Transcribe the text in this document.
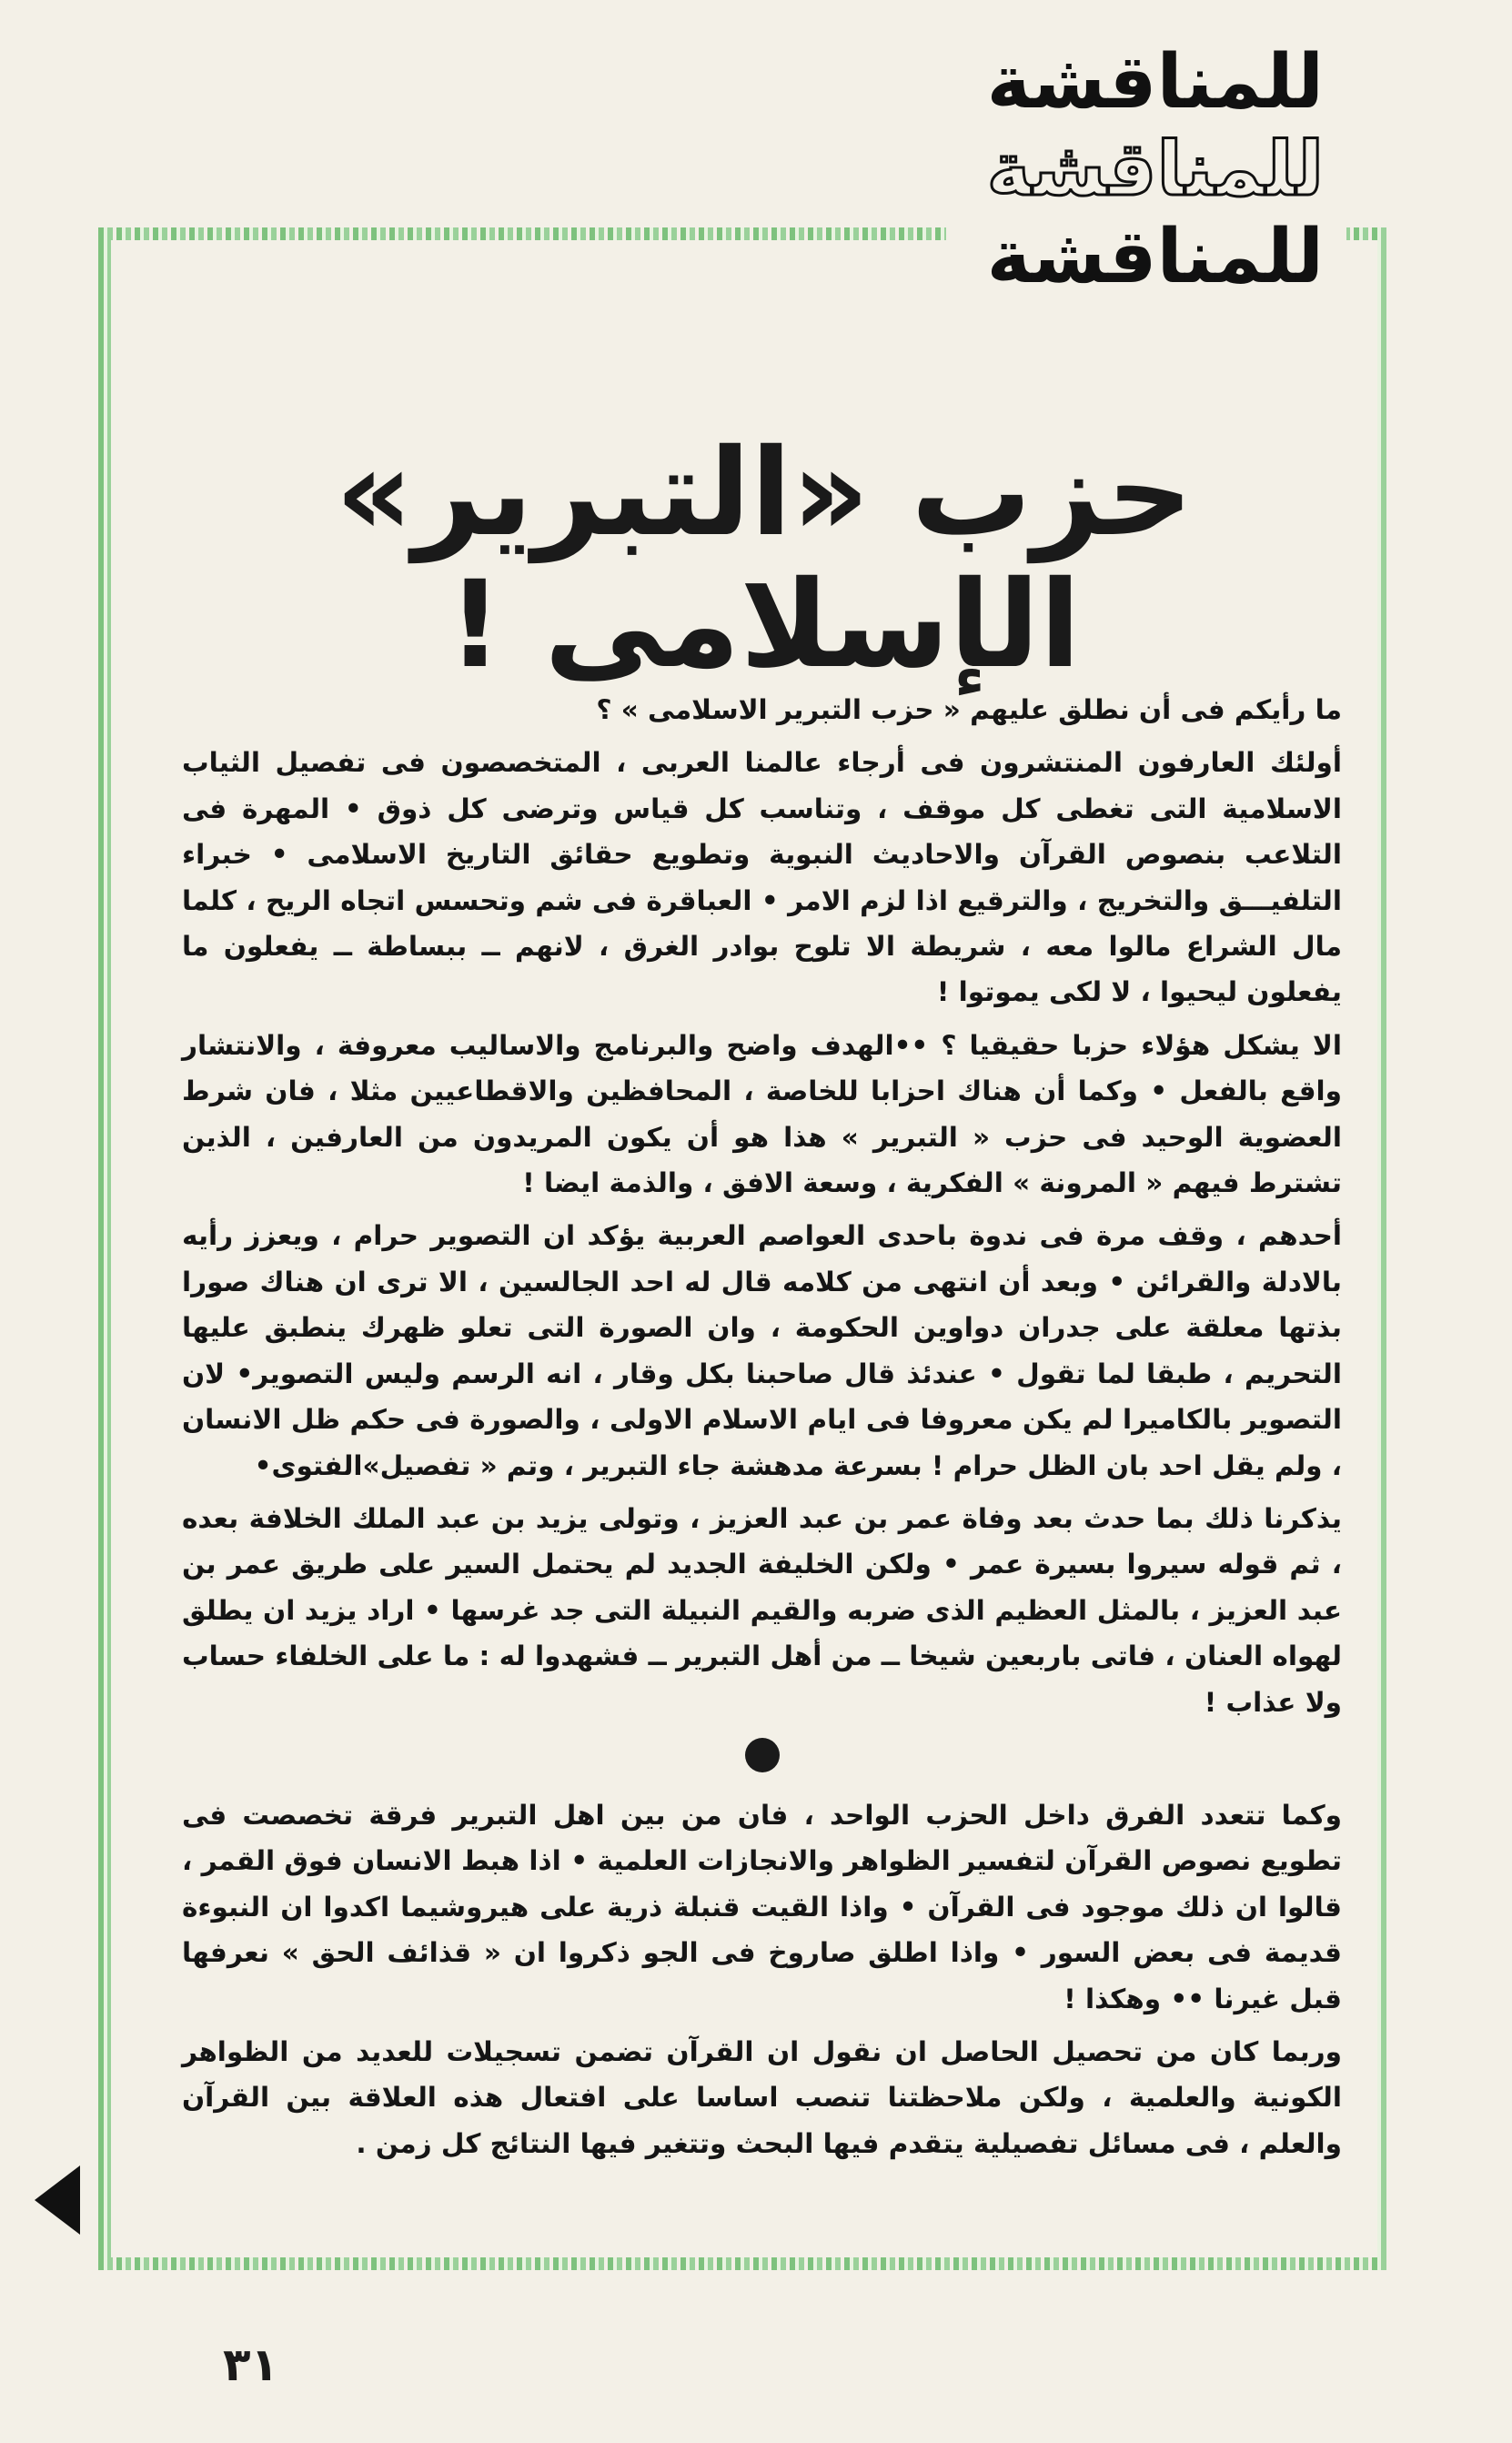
للمناقشة
للمناقشة
للمناقشة
حزب «التبرير» الإسلامى !

ما رأيكم فى أن نطلق عليهم « حزب التبرير الاسلامى » ؟

أولئك العارفون المنتشرون فى أرجاء عالمنا العربى ، المتخصصون فى تفصيل الثياب الاسلامية التى تغطى كل موقف ، وتناسب كل قياس وترضى كل ذوق • المهرة فى التلاعب بنصوص القرآن والاحاديث النبوية وتطويع حقائق التاريخ الاسلامى • خبراء التلفيـــق والتخريج ، والترقيع اذا لزم الامر • العباقرة فى شم وتحسس اتجاه الريح ، كلما مال الشراع مالوا معه ، شريطة الا تلوح بوادر الغرق ، لانهم ــ ببساطة ــ يفعلون ما يفعلون ليحيوا ، لا لكى يموتوا !

الا يشكل هؤلاء حزبا حقيقيا ؟ ••الهدف واضح والبرنامج والاساليب معروفة ، والانتشار واقع بالفعل • وكما أن هناك احزابا للخاصة ، المحافظين والاقطاعيين مثلا ، فان شرط العضوية الوحيد فى حزب « التبرير » هذا هو أن يكون المريدون من العارفين ، الذين تشترط فيهم « المرونة » الفكرية ، وسعة الافق ، والذمة ايضا !

أحدهم ، وقف مرة فى ندوة باحدى العواصم العربية يؤكد ان التصوير حرام ، ويعزز رأيه بالادلة والقرائن • وبعد أن انتهى من كلامه قال له احد الجالسين ، الا ترى ان هناك صورا بذتها معلقة على جدران دواوين الحكومة ، وان الصورة التى تعلو ظهرك ينطبق عليها التحريم ، طبقا لما تقول • عندئذ قال صاحبنا بكل وقار ، انه الرسم وليس التصوير• لان التصوير بالكاميرا لم يكن معروفا فى ايام الاسلام الاولى ، والصورة فى حكم ظل الانسان ، ولم يقل احد بان الظل حرام ! بسرعة مدهشة جاء التبرير ، وتم « تفصيل»الفتوى•

يذكرنا ذلك بما حدث بعد وفاة عمر بن عبد العزيز ، وتولى يزيد بن عبد الملك الخلافة بعده ، ثم قوله سيروا بسيرة عمر • ولكن الخليفة الجديد لم يحتمل السير على طريق عمر بن عبد العزيز ، بالمثل العظيم الذى ضربه والقيم النبيلة التى جد غرسها • اراد يزيد ان يطلق لهواه العنان ، فاتى باربعين شيخا ــ من أهل التبرير ــ فشهدوا له : ما على الخلفاء حساب ولا عذاب !

وكما تتعدد الفرق داخل الحزب الواحد ، فان من بين اهل التبرير فرقة تخصصت فى تطويع نصوص القرآن لتفسير الظواهر والانجازات العلمية • اذا هبط الانسان فوق القمر ، قالوا ان ذلك موجود فى القرآن • واذا القيت قنبلة ذرية على هيروشيما اكدوا ان النبوءة قديمة فى بعض السور • واذا اطلق صاروخ فى الجو ذكروا ان « قذائف الحق » نعرفها قبل غيرنا •• وهكذا !

وربما كان من تحصيل الحاصل ان نقول ان القرآن تضمن تسجيلات للعديد من الظواهر الكونية والعلمية ، ولكن ملاحظتنا تنصب اساسا على افتعال هذه العلاقة بين القرآن والعلم ، فى مسائل تفصيلية يتقدم فيها البحث وتتغير فيها النتائج كل زمن .

٣١
